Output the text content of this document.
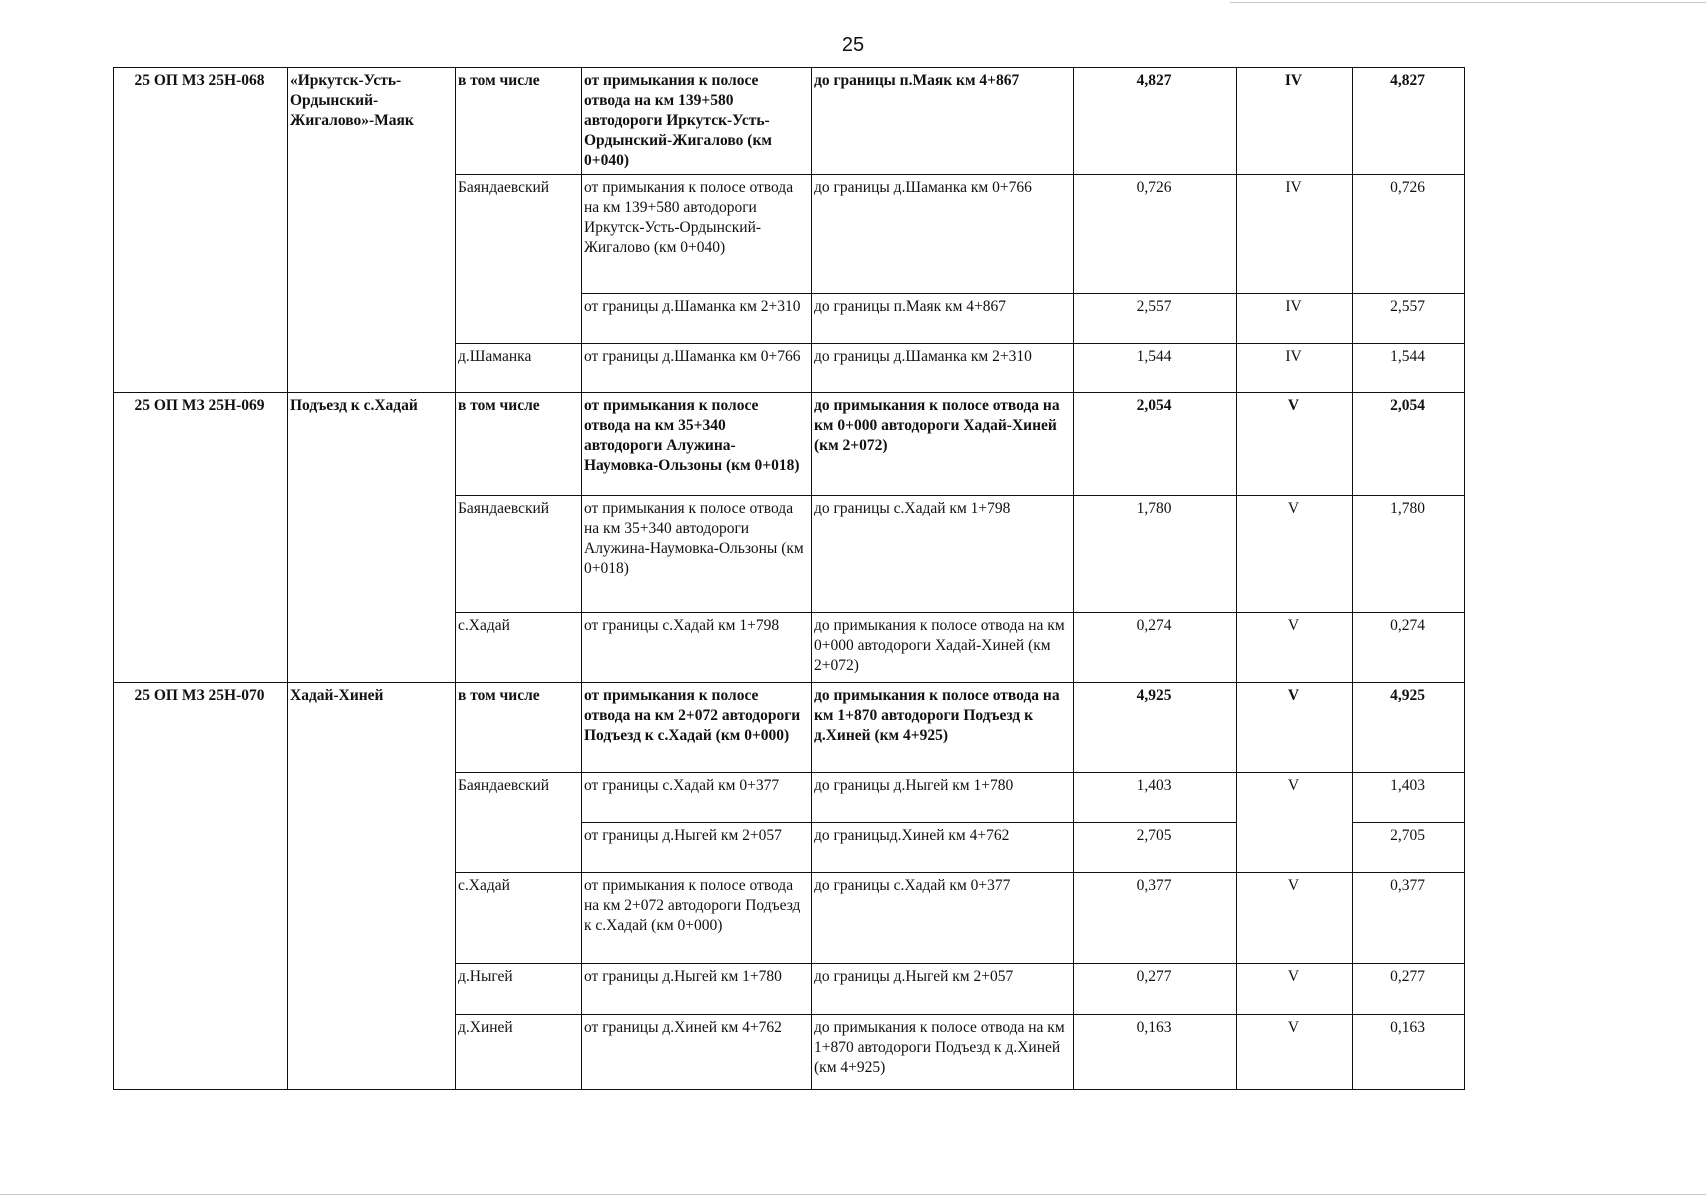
25
25 ОП МЗ 25Н-068	«Иркутск-Усть-Ордынский-Жигалово»-Маяк	в том числе	от примыкания к полосе отвода на км 139+580 автодороги Иркутск-Усть-Ордынский-Жигалово (км 0+040)	до границы п.Маяк км 4+867	4,827	IV	4,827
		Баяндаевский	от примыкания к полосе отвода на км 139+580 автодороги Иркутск-Усть-Ордынский-Жигалово (км 0+040)	до границы д.Шаманка км 0+766	0,726	IV	0,726
			от границы д.Шаманка км 2+310	до границы п.Маяк км 4+867	2,557	IV	2,557
		д.Шаманка	от границы д.Шаманка км 0+766	до границы д.Шаманка км 2+310	1,544	IV	1,544
25 ОП МЗ 25Н-069	Подъезд к с.Хадай	в том числе	от примыкания к полосе отвода на км 35+340 автодороги Алужина-Наумовка-Ользоны (км 0+018)	до примыкания к полосе отвода на км 0+000 автодороги Хадай-Хиней (км 2+072)	2,054	V	2,054
		Баяндаевский	от примыкания к полосе отвода на км 35+340 автодороги Алужина-Наумовка-Ользоны (км 0+018)	до границы с.Хадай км 1+798	1,780	V	1,780
		с.Хадай	от границы с.Хадай км 1+798	до примыкания к полосе отвода на км 0+000 автодороги Хадай-Хиней (км 2+072)	0,274	V	0,274
25 ОП МЗ 25Н-070	Хадай-Хиней	в том числе	от примыкания к полосе отвода на км 2+072 автодороги Подъезд к с.Хадай (км 0+000)	до примыкания к полосе отвода на км 1+870 автодороги Подъезд к д.Хиней (км 4+925)	4,925	V	4,925
		Баяндаевский	от границы с.Хадай км 0+377	до границы д.Ныгей км 1+780	1,403	V	1,403
			от границы д.Ныгей км 2+057	до границыд.Хиней км 4+762	2,705		2,705
		с.Хадай	от примыкания к полосе отвода на км 2+072 автодороги Подъезд к с.Хадай (км 0+000)	до границы с.Хадай км 0+377	0,377	V	0,377
		д.Ныгей	от границы д.Ныгей км 1+780	до границы д.Ныгей км 2+057	0,277	V	0,277
		д.Хиней	от границы д.Хиней км 4+762	до примыкания к полосе отвода на км 1+870 автодороги Подъезд к д.Хиней (км 4+925)	0,163	V	0,163
